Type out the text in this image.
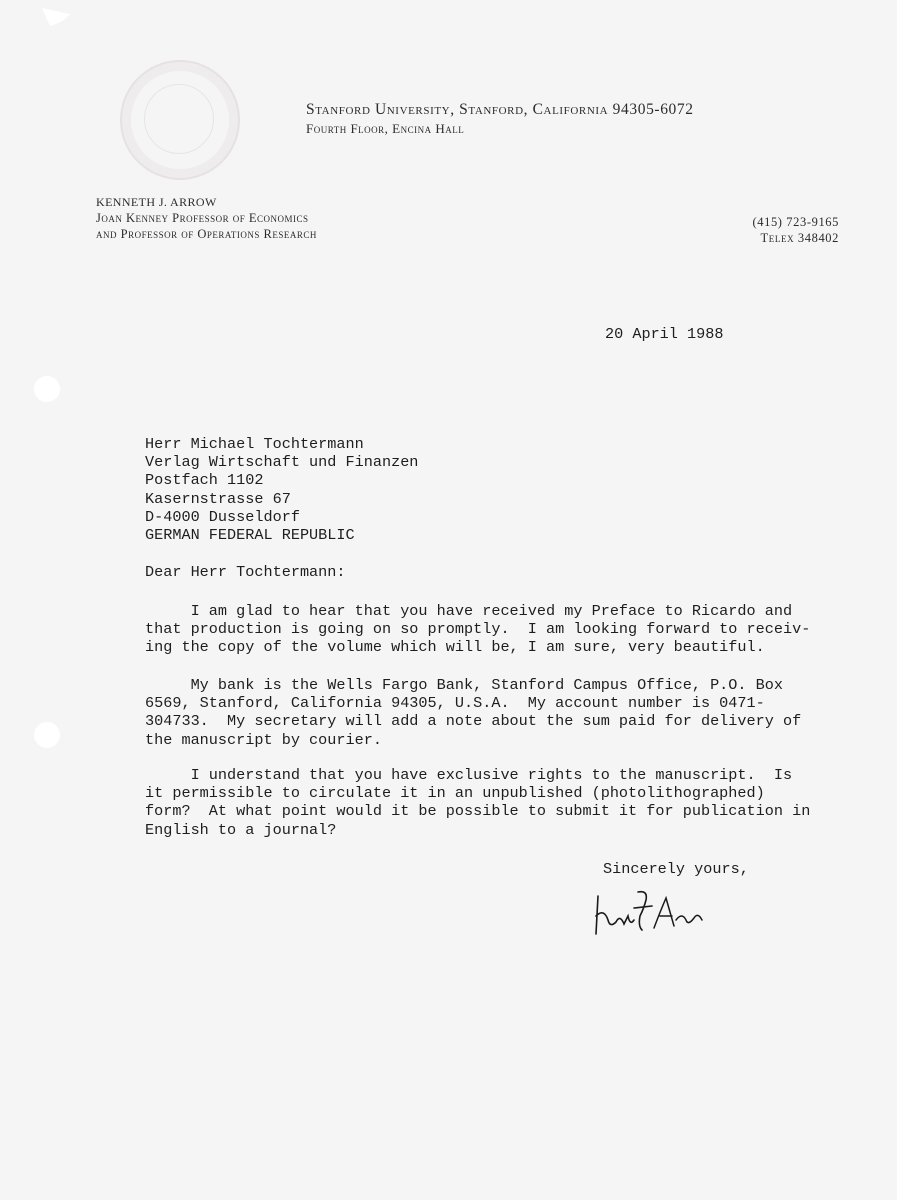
Stanford University, Stanford, California 94305-6072
Fourth Floor, Encina Hall
KENNETH J. ARROW
Joan Kenney Professor of Economics
and Professor of Operations Research
(415) 723-9165
Telex 348402
20 April 1988
Herr Michael Tochtermann
Verlag Wirtschaft und Finanzen
Postfach 1102
Kasernstrasse 67
D-4000 Dusseldorf
GERMAN FEDERAL REPUBLIC
Dear Herr Tochtermann:
I am glad to hear that you have received my Preface to Ricardo and
that production is going on so promptly.  I am looking forward to receiv-
ing the copy of the volume which will be, I am sure, very beautiful.
My bank is the Wells Fargo Bank, Stanford Campus Office, P.O. Box
6569, Stanford, California 94305, U.S.A.  My account number is 0471-
304733.  My secretary will add a note about the sum paid for delivery of
the manuscript by courier.
I understand that you have exclusive rights to the manuscript.  Is
it permissible to circulate it in an unpublished (photolithographed)
form?  At what point would it be possible to submit it for publication in
English to a journal?
Sincerely yours,
